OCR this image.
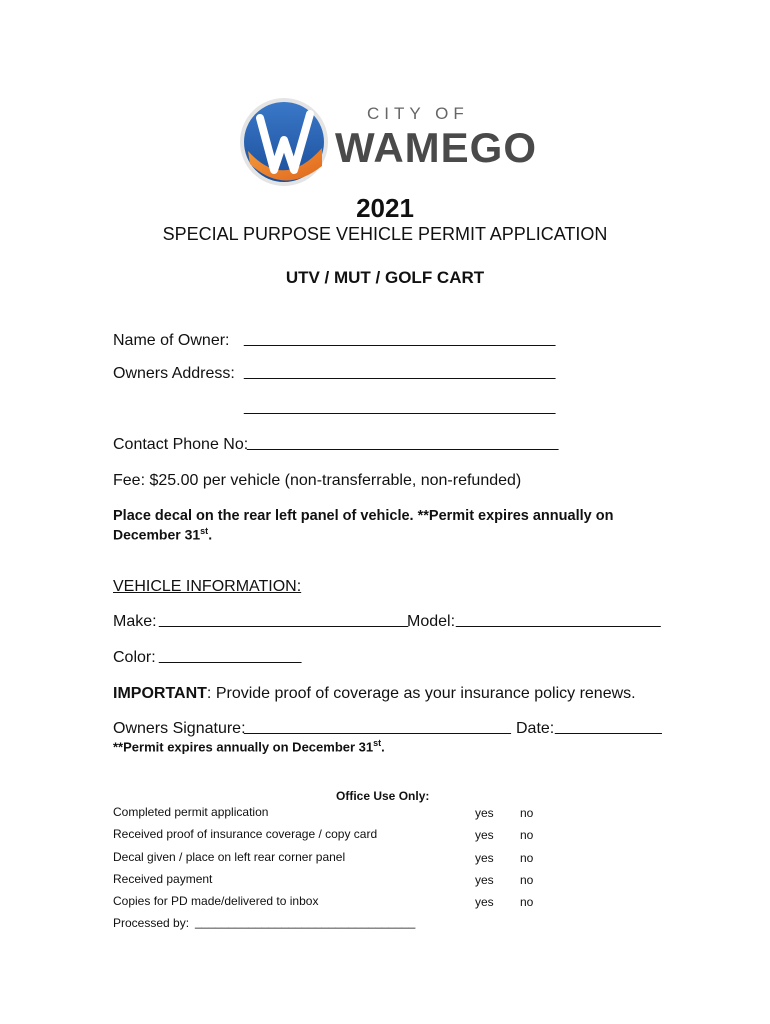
CITY OF
WAMEGO
2021
SPECIAL PURPOSE VEHICLE PERMIT APPLICATION
UTV / MUT / GOLF CART
Name of Owner: ___________________________________
Owners Address: ___________________________________
___________________________________
Contact Phone No:
___________________________________
Fee: $25.00 per vehicle (non-transferrable, non-refunded)
Place decal on the rear left panel of vehicle. **Permit expires annually on
December 31st.
VEHICLE INFORMATION:
Make: ____________________________
Model: _______________________
Color: ________________
IMPORTANT: Provide proof of coverage as your insurance policy renews.
Owners Signature:
______________________________ Date: ____________
**Permit expires annually on December 31st.
Office Use Only:
Completed permit application	yes no
Received proof of insurance coverage / copy card	yes no
Decal given / place on left rear corner panel	yes no
Received payment	yes no
Copies for PD made/delivered to inbox	yes no
Processed by: _________________________________
